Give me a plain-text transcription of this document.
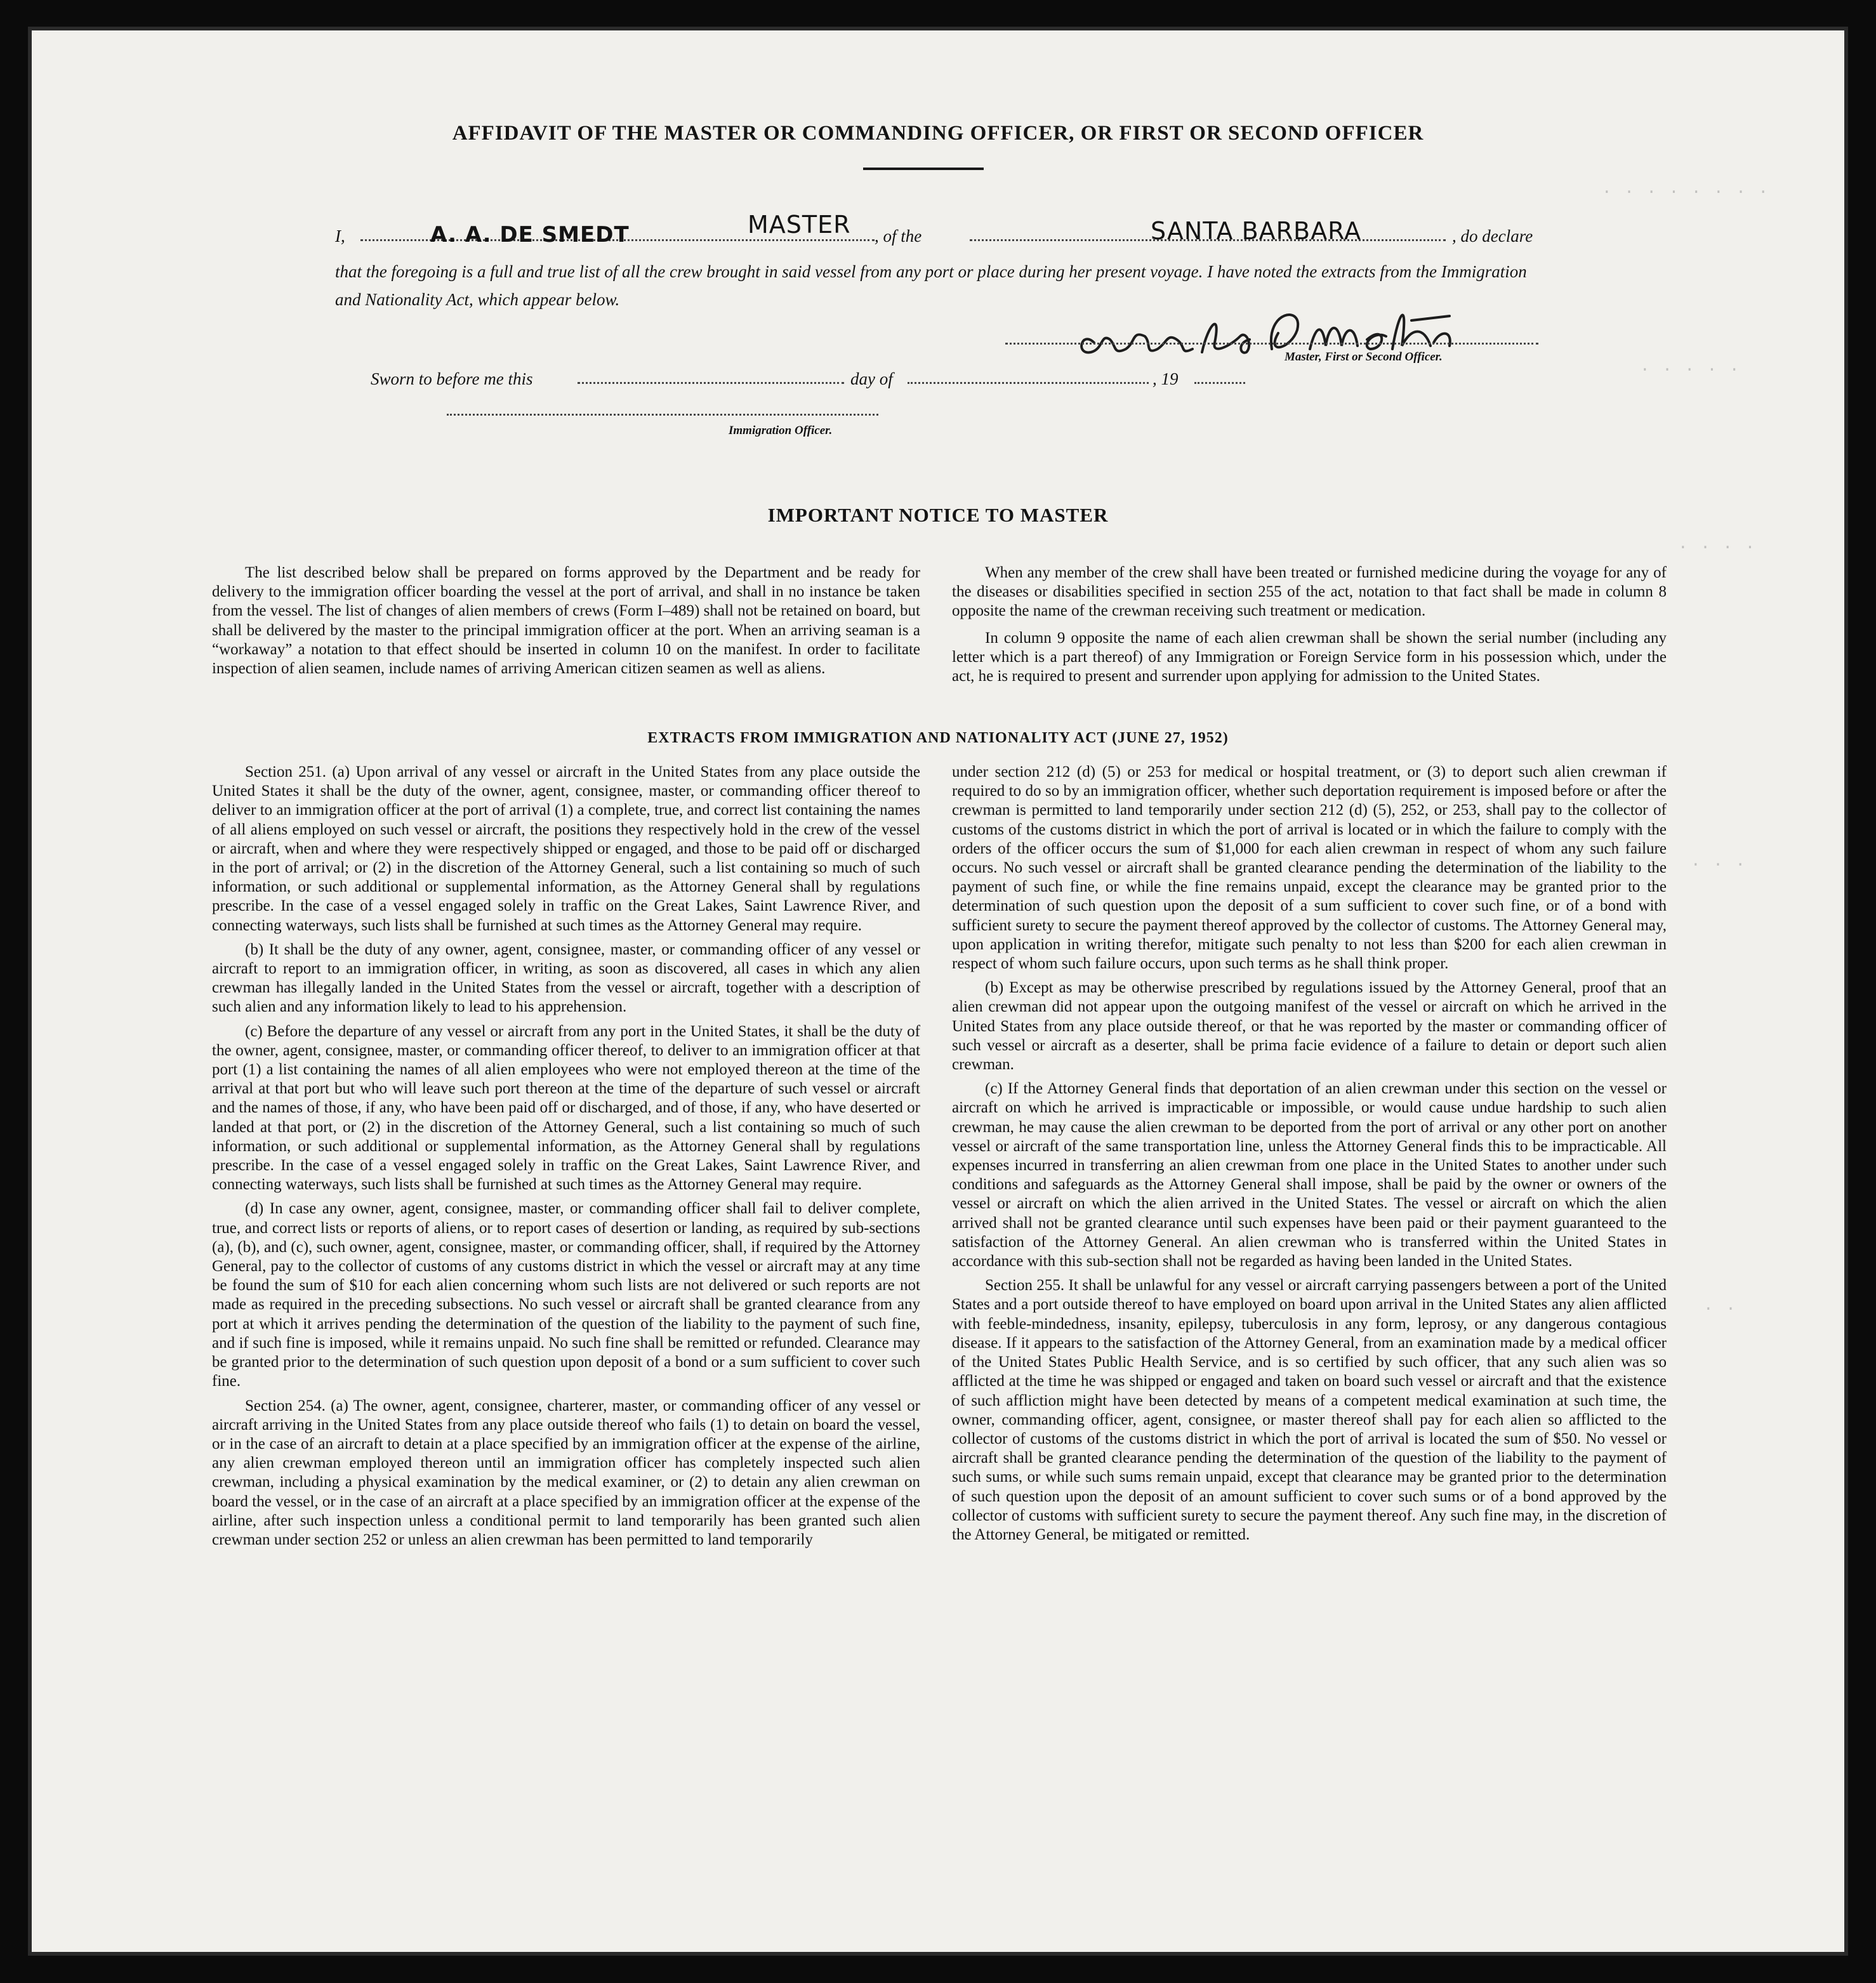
. . . . . . . .
. . . . .
. . . .
. . .
. .
AFFIDAVIT OF THE MASTER OR COMMANDING OFFICER, OR FIRST OR SECOND OFFICER
I,	A. A. DE SMEDT	MASTER , of the	SANTA BARBARA	, do declare
that the foregoing is a full and true list of all the crew brought in said vessel from any port or place during her present voyage. I have noted the extracts from the Immigration and Nationality Act, which appear below.
Master, First or Second Officer.
Sworn to before me this	day of	, 19
Immigration Officer.
IMPORTANT NOTICE TO MASTER

The list described below shall be prepared on forms approved by the Department and be ready for delivery to the immigration officer boarding the vessel at the port of arrival, and shall in no instance be taken from the vessel. The list of changes of alien members of crews (Form I–489) shall not be retained on board, but shall be delivered by the master to the principal immigration officer at the port. When an arriving seaman is a “workaway” a notation to that effect should be inserted in column 10 on the manifest. In order to facilitate inspection of alien seamen, include names of arriving American citizen seamen as well as aliens.

When any member of the crew shall have been treated or furnished medicine during the voyage for any of the diseases or disabilities specified in section 255 of the act, notation to that fact shall be made in column 8 opposite the name of the crewman receiving such treatment or medication.

In column 9 opposite the name of each alien crewman shall be shown the serial number (including any letter which is a part thereof) of any Immigration or Foreign Service form in his possession which, under the act, he is required to present and surrender upon applying for admission to the United States.

EXTRACTS FROM IMMIGRATION AND NATIONALITY ACT (JUNE 27, 1952)

Section 251. (a) Upon arrival of any vessel or aircraft in the United States from any place outside the United States it shall be the duty of the owner, agent, consignee, master, or commanding officer thereof to deliver to an immigration officer at the port of arrival (1) a complete, true, and correct list containing the names of all aliens employed on such vessel or aircraft, the positions they respectively hold in the crew of the vessel or aircraft, when and where they were respectively shipped or engaged, and those to be paid off or discharged in the port of arrival; or (2) in the discretion of the Attorney General, such a list containing so much of such information, or such additional or supplemental information, as the Attorney General shall by regulations prescribe. In the case of a vessel engaged solely in traffic on the Great Lakes, Saint Lawrence River, and connecting waterways, such lists shall be furnished at such times as the Attorney General may require.

(b) It shall be the duty of any owner, agent, consignee, master, or commanding officer of any vessel or aircraft to report to an immigration officer, in writing, as soon as discovered, all cases in which any alien crewman has illegally landed in the United States from the vessel or aircraft, together with a description of such alien and any information likely to lead to his apprehension.

(c) Before the departure of any vessel or aircraft from any port in the United States, it shall be the duty of the owner, agent, consignee, master, or commanding officer thereof, to deliver to an immigration officer at that port (1) a list containing the names of all alien employees who were not employed thereon at the time of the arrival at that port but who will leave such port thereon at the time of the departure of such vessel or aircraft and the names of those, if any, who have been paid off or discharged, and of those, if any, who have deserted or landed at that port, or (2) in the discretion of the Attorney General, such a list containing so much of such information, or such additional or supplemental information, as the Attorney General shall by regulations prescribe. In the case of a vessel engaged solely in traffic on the Great Lakes, Saint Lawrence River, and connecting waterways, such lists shall be furnished at such times as the Attorney General may require.

(d) In case any owner, agent, consignee, master, or commanding officer shall fail to deliver complete, true, and correct lists or reports of aliens, or to report cases of desertion or landing, as required by sub-sections (a), (b), and (c), such owner, agent, consignee, master, or commanding officer, shall, if required by the Attorney General, pay to the collector of customs of any customs district in which the vessel or aircraft may at any time be found the sum of $10 for each alien concerning whom such lists are not delivered or such reports are not made as required in the preceding subsections. No such vessel or aircraft shall be granted clearance from any port at which it arrives pending the determination of the question of the liability to the payment of such fine, and if such fine is imposed, while it remains unpaid. No such fine shall be remitted or refunded. Clearance may be granted prior to the determination of such question upon deposit of a bond or a sum sufficient to cover such fine.

Section 254. (a) The owner, agent, consignee, charterer, master, or commanding officer of any vessel or aircraft arriving in the United States from any place outside thereof who fails (1) to detain on board the vessel, or in the case of an aircraft to detain at a place specified by an immigration officer at the expense of the airline, any alien crewman employed thereon until an immigration officer has completely inspected such alien crewman, including a physical examination by the medical examiner, or (2) to detain any alien crewman on board the vessel, or in the case of an aircraft at a place specified by an immigration officer at the expense of the airline, after such inspection unless a conditional permit to land temporarily has been granted such alien crewman under section 252 or unless an alien crewman has been permitted to land temporarily

under section 212 (d) (5) or 253 for medical or hospital treatment, or (3) to deport such alien crewman if required to do so by an immigration officer, whether such deportation requirement is imposed before or after the crewman is permitted to land temporarily under section 212 (d) (5), 252, or 253, shall pay to the collector of customs of the customs district in which the port of arrival is located or in which the failure to comply with the orders of the officer occurs the sum of $1,000 for each alien crewman in respect of whom any such failure occurs. No such vessel or aircraft shall be granted clearance pending the determination of the liability to the payment of such fine, or while the fine remains unpaid, except the clearance may be granted prior to the determination of such question upon the deposit of a sum sufficient to cover such fine, or of a bond with sufficient surety to secure the payment thereof approved by the collector of customs. The Attorney General may, upon application in writing therefor, mitigate such penalty to not less than $200 for each alien crewman in respect of whom such failure occurs, upon such terms as he shall think proper.

(b) Except as may be otherwise prescribed by regulations issued by the Attorney General, proof that an alien crewman did not appear upon the outgoing manifest of the vessel or aircraft on which he arrived in the United States from any place outside thereof, or that he was reported by the master or commanding officer of such vessel or aircraft as a deserter, shall be prima facie evidence of a failure to detain or deport such alien crewman.

(c) If the Attorney General finds that deportation of an alien crewman under this section on the vessel or aircraft on which he arrived is impracticable or impossible, or would cause undue hardship to such alien crewman, he may cause the alien crewman to be deported from the port of arrival or any other port on another vessel or aircraft of the same transportation line, unless the Attorney General finds this to be impracticable. All expenses incurred in transferring an alien crewman from one place in the United States to another under such conditions and safeguards as the Attorney General shall impose, shall be paid by the owner or owners of the vessel or aircraft on which the alien arrived in the United States. The vessel or aircraft on which the alien arrived shall not be granted clearance until such expenses have been paid or their payment guaranteed to the satisfaction of the Attorney General. An alien crewman who is transferred within the United States in accordance with this sub-section shall not be regarded as having been landed in the United States.

Section 255. It shall be unlawful for any vessel or aircraft carrying passengers between a port of the United States and a port outside thereof to have employed on board upon arrival in the United States any alien afflicted with feeble-mindedness, insanity, epilepsy, tuberculosis in any form, leprosy, or any dangerous contagious disease. If it appears to the satisfaction of the Attorney General, from an examination made by a medical officer of the United States Public Health Service, and is so certified by such officer, that any such alien was so afflicted at the time he was shipped or engaged and taken on board such vessel or aircraft and that the existence of such affliction might have been detected by means of a competent medical examination at such time, the owner, commanding officer, agent, consignee, or master thereof shall pay for each alien so afflicted to the collector of customs of the customs district in which the port of arrival is located the sum of $50. No vessel or aircraft shall be granted clearance pending the determination of the question of the liability to the payment of such sums, or while such sums remain unpaid, except that clearance may be granted prior to the determination of such question upon the deposit of an amount sufficient to cover such sums or of a bond approved by the collector of customs with sufficient surety to secure the payment thereof. Any such fine may, in the discretion of the Attorney General, be mitigated or remitted.
